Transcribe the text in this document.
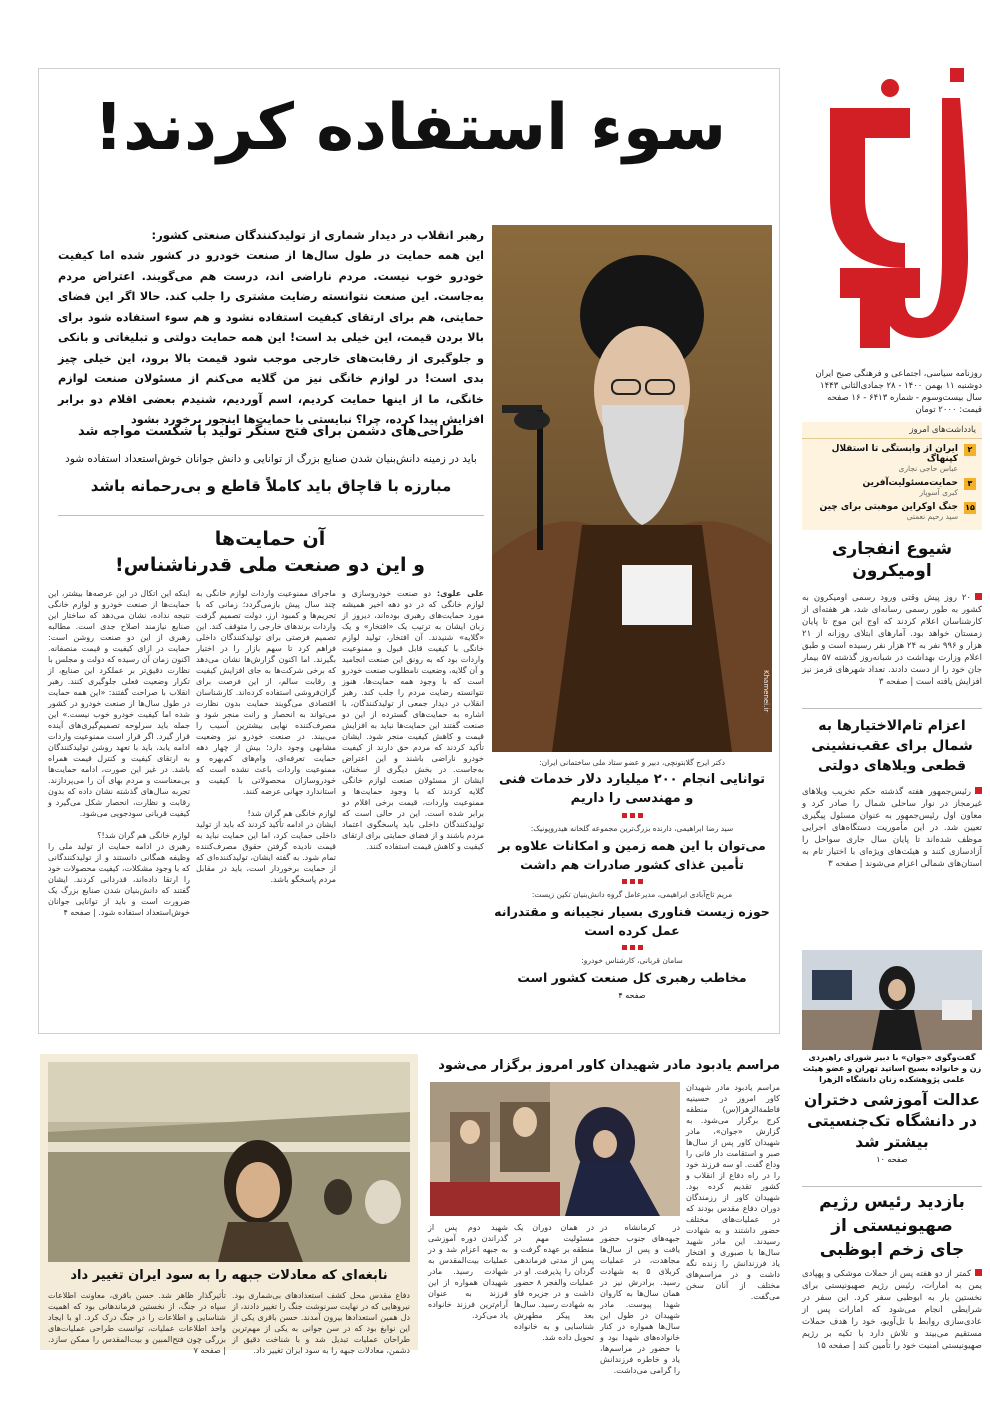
روزنامه سیاسی، اجتماعی و فرهنگی صبح ایران
دوشنبه ۱۱ بهمن ۱۴۰۰ - ۲۸ جمادی‌الثانی ۱۴۴۳
سال بیست‌وسوم - شماره ۶۴۱۳ - ۱۶ صفحه
قیمت: ۲۰۰۰ تومان
یادداشت‌های امروز
۲
ایران از وابستگی تا استقلال کپنهاگ
عباس حاجی نجاری
۳
حمایت‌مسئولیت‌آفرین
کبری آسوپار
۱۵
جنگ اوکراین موهبتی برای چین
سید رحیم نعمتی
شیوع انفجاری اومیکرون
۲۰ روز پیش وقتی ورود رسمی اومیکرون به کشور به طور رسمی رسانه‌ای شد، هر هفته‌ای از کارشناسان اعلام کردند که اوج این موج تا پایان زمستان خواهد بود. آمارهای ابتلای روزانه از ۲۱ هزار و ۹۹۶ نفر به ۲۴ هزار نفر رسیده است و طبق اعلام وزارت بهداشت در شبانه‌روز گذشته ۵۷ بیمار جان خود را از دست دادند. تعداد شهرهای قرمز نیز افزایش یافته است | صفحه ۳
اعزام تام‌الاختیارها به شمال برای عقب‌نشینی قطعی ویلاهای دولتی
رئیس‌جمهور هفته گذشته حکم تخریب ویلاهای غیرمجاز در نوار ساحلی شمال را صادر کرد و معاون اول رئیس‌جمهور به عنوان مسئول پیگیری تعیین شد. در این مأموریت دستگاه‌های اجرایی موظف شده‌اند تا پایان سال جاری سواحل را آزادسازی کنند و هیئت‌های ویژه‌ای با اختیار تام به استان‌های شمالی اعزام می‌شوند | صفحه ۳
گفت‌وگوی «جوان» با دبیر شورای راهبردی زن و خانواده بسیج اساتید تهران و عضو هیئت علمی پژوهشکده زنان دانشگاه الزهرا
عدالت آموزشی دختران در دانشگاه تک‌جنسیتی بیشتر شد
صفحه ۱۰
بازدید رئیس رژیم صهیونیستی از جای زخم ابوظبی
کمتر از دو هفته پس از حملات موشکی و پهپادی یمن به امارات، رئیس رژیم صهیونیستی برای نخستین بار به ابوظبی سفر کرد. این سفر در شرایطی انجام می‌شود که امارات پس از عادی‌سازی روابط با تل‌آویو، خود را هدف حملات مستقیم می‌بیند و تلاش دارد با تکیه بر رژیم صهیونیستی امنیت خود را تأمین کند | صفحه ۱۵
سوء استفاده کردند!
Khamenei.ir
رهبر انقلاب در دیدار شماری از تولیدکنندگان صنعتی کشور:
این همه حمایت در طول سال‌ها از صنعت خودرو در کشور شده اما کیفیت خودرو خوب نیست. مردم ناراضی اند، درست هم می‌گویند. اعتراض مردم به‌جاست. این صنعت نتوانسته رضایت مشتری را جلب کند. حالا اگر این فضای حمایتی، هم برای ارتقای کیفیت استفاده نشود و هم سوء استفاده شود برای بالا بردن قیمت، این خیلی بد است! این همه حمایت دولتی و تبلیغاتی و بانکی و جلوگیری از رقابت‌های خارجی موجب شود قیمت بالا برود، این خیلی چیز بدی است! در لوازم خانگی نیز من گلایه می‌کنم از مسئولان صنعت لوازم خانگی، ما از اینها حمایت کردیم، اسم آوردیم، شنیدم بعضی اقلام دو برابر افزایش پیدا کرده، چرا؟ نبایستی با حمایت‌ها اینجور برخورد بشود
طراحی‌های دشمن برای فتح سنگر تولید با شکست مواجه شد
باید در زمینه دانش‌بنیان شدن صنایع بزرگ از توانایی و دانش جوانان خوش‌استعداد استفاده شود
مبارزه با قاچاق باید کاملاً قاطع و بی‌رحمانه باشد
آن حمایت‌ها
و این دو صنعت ملی قدرناشناس!
علی علوی: دو صنعت خودروسازی و لوازم خانگی که در دو دهه اخیر همیشه مورد حمایت‌های رهبری بوده‌اند، دیروز از زبان ایشان به ترتیب یک «افتخار» و یک «گلایه» شنیدند. آن افتخار، تولید لوازم خانگی با کیفیت قابل قبول و ممنوعیت واردات بود که به رونق این صنعت انجامید و آن گلایه، وضعیت نامطلوب صنعت خودرو است که با وجود همه حمایت‌ها، هنوز نتوانسته رضایت مردم را جلب کند. رهبر انقلاب در دیدار جمعی از تولیدکنندگان، با اشاره به حمایت‌های گسترده از این دو صنعت گفتند این حمایت‌ها نباید به افزایش قیمت و کاهش کیفیت منجر شود. ایشان تأکید کردند که مردم حق دارند از کیفیت خودرو ناراضی باشند و این اعتراض به‌جاست. در بخش دیگری از سخنان، ایشان از مسئولان صنعت لوازم خانگی گلایه کردند که با وجود حمایت‌ها و ممنوعیت واردات، قیمت برخی اقلام دو برابر شده است. این در حالی است که تولیدکنندگان داخلی باید پاسخگوی اعتماد مردم باشند و از فضای حمایتی برای ارتقای کیفیت و کاهش قیمت استفاده کنند.
ماجرای ممنوعیت واردات لوازم خانگی به چند سال پیش بازمی‌گردد؛ زمانی که با تحریم‌ها و کمبود ارز، دولت تصمیم گرفت واردات برندهای خارجی را متوقف کند. این تصمیم فرصتی برای تولیدکنندگان داخلی فراهم کرد تا سهم بازار را در اختیار بگیرند. اما اکنون گزارش‌ها نشان می‌دهد که برخی شرکت‌ها به جای افزایش کیفیت و رقابت سالم، از این فرصت برای گران‌فروشی استفاده کرده‌اند. کارشناسان اقتصادی می‌گویند حمایت بدون نظارت می‌تواند به انحصار و رانت منجر شود و مصرف‌کننده نهایی بیشترین آسیب را می‌بیند. در صنعت خودرو نیز وضعیت مشابهی وجود دارد؛ بیش از چهار دهه حمایت تعرفه‌ای، وام‌های کم‌بهره و ممنوعیت واردات باعث نشده است که خودروسازان محصولاتی با کیفیت و استاندارد جهانی عرضه کنند.

لوازم خانگی هم گران شد!
ایشان در ادامه تأکید کردند که باید از تولید داخلی حمایت کرد، اما این حمایت نباید به قیمت نادیده گرفتن حقوق مصرف‌کننده تمام شود. به گفته ایشان، تولیدکننده‌ای که از حمایت برخوردار است، باید در مقابل مردم پاسخگو باشد.
اینکه این اتکال در این عرصه‌ها بیشتر، این حمایت‌ها از صنعت خودرو و لوازم خانگی نتیجه نداده، نشان می‌دهد که ساختار این صنایع نیازمند اصلاح جدی است. مطالبه رهبری از این دو صنعت روشن است: حمایت در ازای کیفیت و قیمت منصفانه. اکنون زمان آن رسیده که دولت و مجلس با نظارت دقیق‌تر بر عملکرد این صنایع، از تکرار وضعیت فعلی جلوگیری کنند. رهبر انقلاب با صراحت گفتند: «این همه حمایت در طول سال‌ها از صنعت خودرو در کشور شده اما کیفیت خودرو خوب نیست.» این جمله باید سرلوحه تصمیم‌گیری‌های آینده قرار گیرد. اگر قرار است ممنوعیت واردات ادامه یابد، باید با تعهد روشن تولیدکنندگان به ارتقای کیفیت و کنترل قیمت همراه باشد. در غیر این صورت، ادامه حمایت‌ها بی‌معناست و مردم بهای آن را می‌پردازند. تجربه سال‌های گذشته نشان داده که بدون رقابت و نظارت، انحصار شکل می‌گیرد و کیفیت قربانی سودجویی می‌شود.

لوازم خانگی هم گران شد!؟
رهبری در ادامه حمایت از تولید ملی را وظیفه همگانی دانستند و از تولیدکنندگانی که با وجود مشکلات، کیفیت محصولات خود را ارتقا داده‌اند، قدردانی کردند. ایشان گفتند که دانش‌بنیان شدن صنایع بزرگ یک ضرورت است و باید از توانایی جوانان خوش‌استعداد استفاده شود. | صفحه ۴
دکتر ایرج گلابتونچی، دبیر و عضو ستاد ملی ساختمانی ایران:
توانایی انجام ۲۰۰ میلیارد دلار خدمات فنی و مهندسی را داریم
سید رضا ابراهیمی، دارنده بزرگ‌ترین مجموعه گلخانه هیدروپونیک:
می‌توان با این همه زمین و امکانات علاوه بر تأمین غذای کشور صادرات هم داشت
مریم تاج‌آبادی ابراهیمی، مدیرعامل گروه دانش‌بنیان تکین زیست:
حوزه زیست فناوری بسیار نجیبانه و مقتدرانه عمل کرده است
سامان قربانی، کارشناس خودرو:
مخاطب رهبری کل صنعت کشور است
صفحه ۴
مراسم یادبود مادر شهیدان کاور امروز برگزار می‌شود
مراسم یادبود مادر شهیدان کاور امروز در حسینیه فاطمة‌الزهرا(س) منطقه کرج برگزار می‌شود. به گزارش «جوان»، مادر شهیدان کاور پس از سال‌ها صبر و استقامت دار فانی را وداع گفت. او سه فرزند خود را در راه دفاع از انقلاب و کشور تقدیم کرده بود. شهیدان کاور از رزمندگان دوران دفاع مقدس بودند که در عملیات‌های مختلف حضور داشتند و به شهادت رسیدند. این مادر شهید سال‌ها با صبوری و افتخار یاد فرزندانش را زنده نگه داشت و در مراسم‌های مختلف از آنان سخن می‌گفت.
در کرمانشاه در جبهه‌های جنوب حضور یافت و پس از سال‌ها مجاهدت، در عملیات کربلای ۵ به شهادت رسید. برادرش نیز در همان سال‌ها به کاروان شهدا پیوست. مادر شهیدان در طول این سال‌ها همواره در کنار خانواده‌های شهدا بود و با حضور در مراسم‌ها، یاد و خاطره فرزندانش را گرامی می‌داشت.
در همان دوران یک مسئولیت مهم در منطقه بر عهده گرفت و پس از مدتی فرماندهی گردان را پذیرفت. او در عملیات والفجر ۸ حضور داشت و در جزیره فاو به شهادت رسید. سال‌ها بعد پیکر مطهرش شناسایی و به خانواده تحویل داده شد.
شهید دوم پس از گذراندن دوره آموزشی به جبهه اعزام شد و در عملیات بیت‌المقدس به شهادت رسید. مادر شهیدان همواره از این فرزند به عنوان آرام‌ترین فرزند خانواده یاد می‌کرد.
نابغه‌ای که معادلات جبهه را به سود ایران تغییر داد
تأثیرگذار ظاهر شد. حسن باقری، معاونت اطلاعات سپاه در جنگ، از نخستین فرماندهانی بود که اهمیت شناسایی و اطلاعات را در جنگ درک کرد. او با ایجاد واحد اطلاعات عملیات، توانست طراحی عملیات‌های بزرگی چون فتح‌المبین و بیت‌المقدس را ممکن سازد. | صفحه ۷
دفاع مقدس محل کشف استعدادهای بی‌شماری بود. نیروهایی که در نهایت سرنوشت جنگ را تغییر دادند، از دل همین استعدادها بیرون آمدند. حسن باقری یکی از این نوابغ بود که در سن جوانی به یکی از مهم‌ترین طراحان عملیات تبدیل شد و با شناخت دقیق از دشمن، معادلات جبهه را به سود ایران تغییر داد.
